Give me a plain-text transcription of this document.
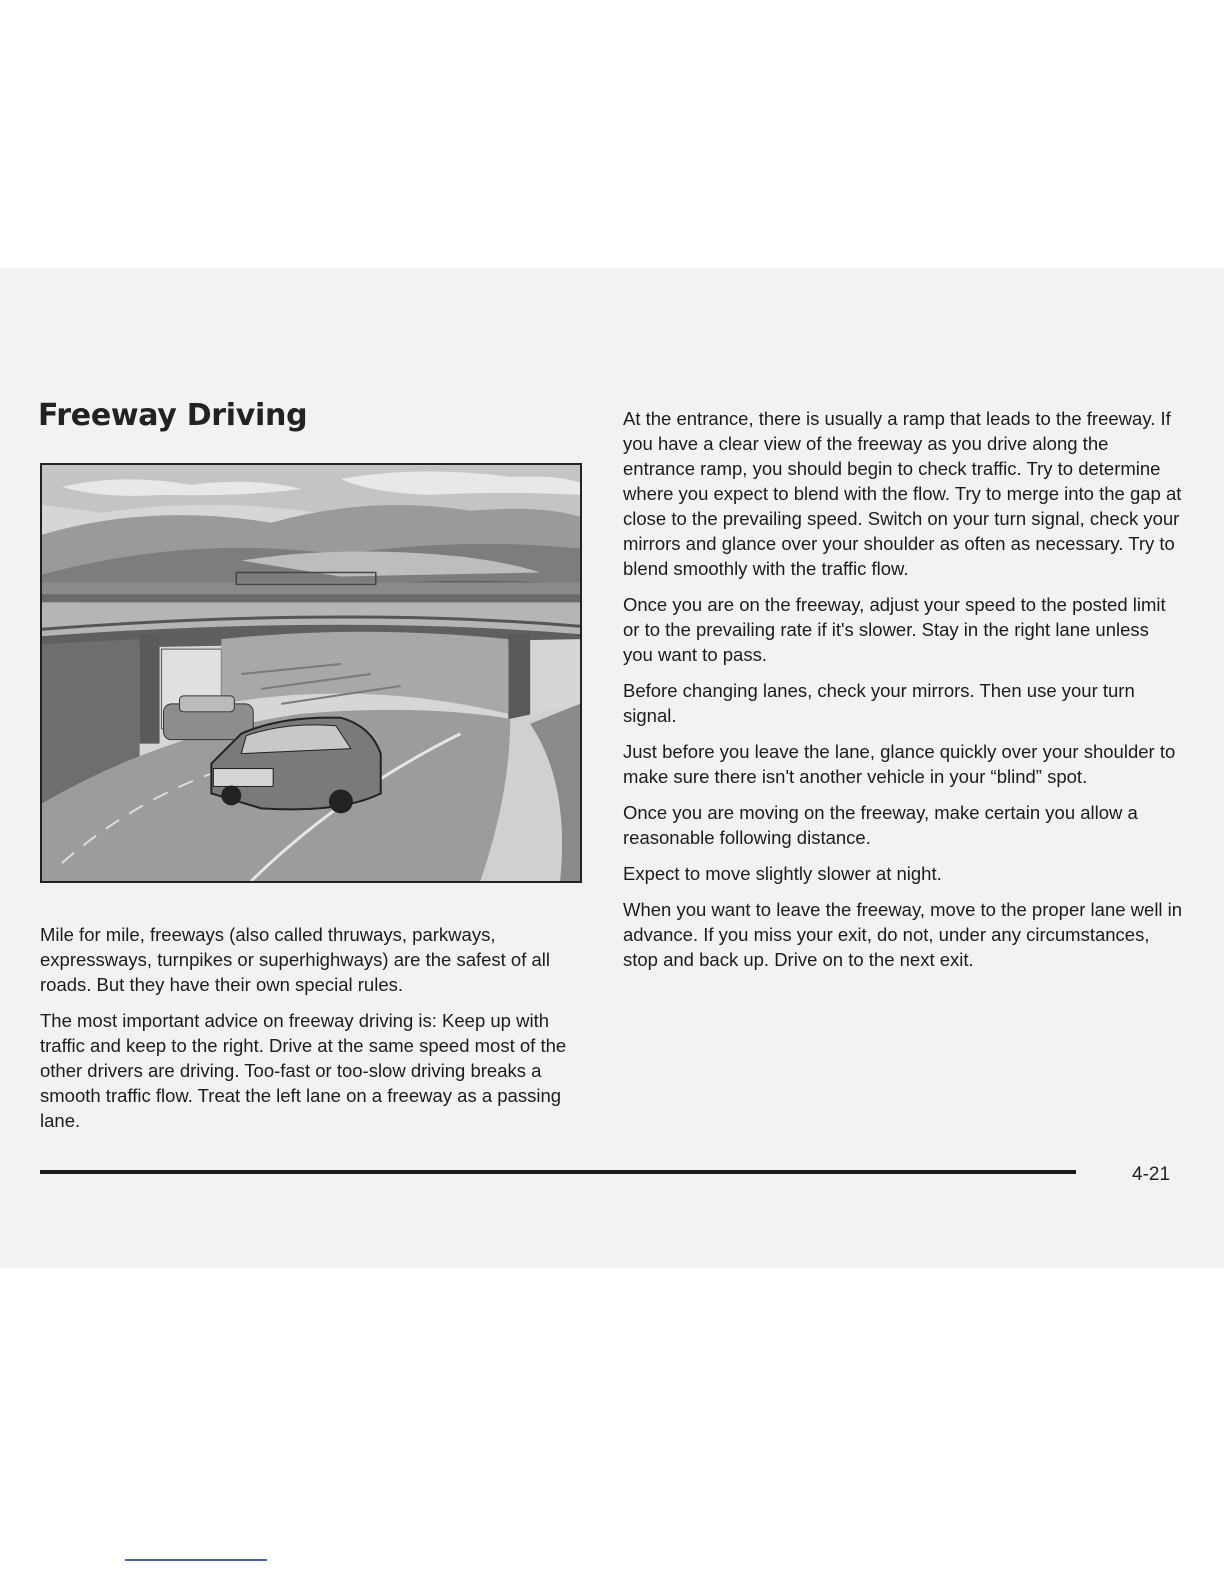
Freeway Driving

Mile for mile, freeways (also called thruways, parkways, expressways, turnpikes or superhighways) are the safest of all roads. But they have their own special rules.

The most important advice on freeway driving is: Keep up with traffic and keep to the right. Drive at the same speed most of the other drivers are driving. Too-fast or too-slow driving breaks a smooth traffic flow. Treat the left lane on a freeway as a passing lane.

At the entrance, there is usually a ramp that leads to the freeway. If you have a clear view of the freeway as you drive along the entrance ramp, you should begin to check traffic. Try to determine where you expect to blend with the flow. Try to merge into the gap at close to the prevailing speed. Switch on your turn signal, check your mirrors and glance over your shoulder as often as necessary. Try to blend smoothly with the traffic flow.

Once you are on the freeway, adjust your speed to the posted limit or to the prevailing rate if it's slower. Stay in the right lane unless you want to pass.

Before changing lanes, check your mirrors. Then use your turn signal.

Just before you leave the lane, glance quickly over your shoulder to make sure there isn't another vehicle in your “blind” spot.

Once you are moving on the freeway, make certain you allow a reasonable following distance.

Expect to move slightly slower at night.

When you want to leave the freeway, move to the proper lane well in advance. If you miss your exit, do not, under any circumstances, stop and back up. Drive on to the next exit.

4-21
